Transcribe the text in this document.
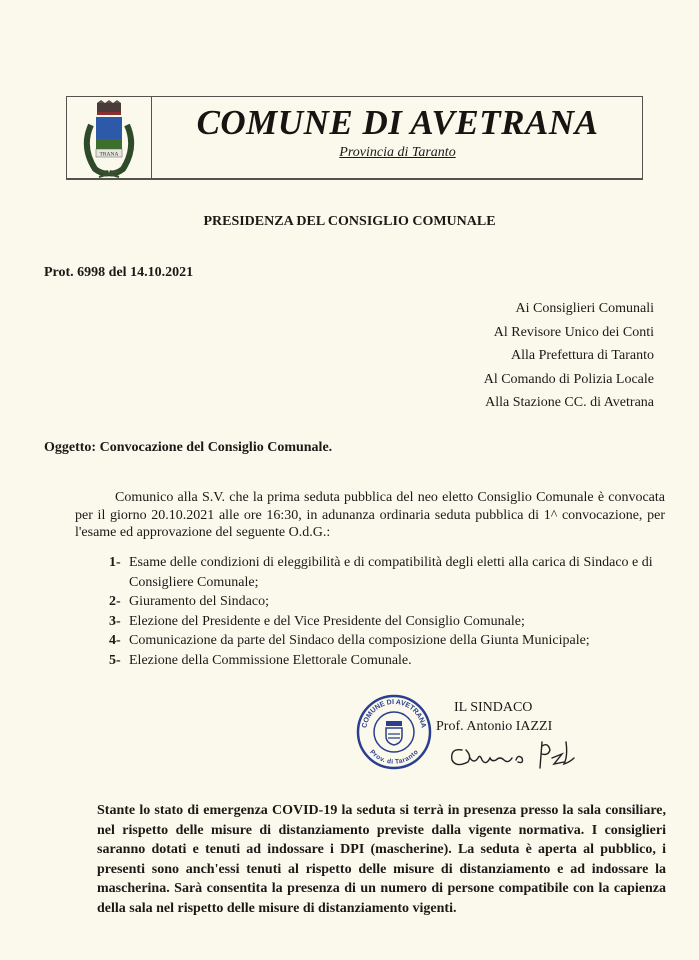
TRANA
COMUNE DI AVETRANA
Provincia di Taranto
PRESIDENZA DEL CONSIGLIO COMUNALE
Prot. 6998 del 14.10.2021
Ai Consiglieri Comunali
Al Revisore Unico dei Conti
Alla Prefettura di Taranto
Al Comando di Polizia Locale
Alla Stazione CC. di Avetrana
Oggetto: Convocazione del Consiglio Comunale.
Comunico alla S.V. che la prima seduta pubblica del neo eletto Consiglio Comunale è convocata per il giorno 20.10.2021 alle ore 16:30, in adunanza ordinaria seduta pubblica di 1^ convocazione, per l'esame ed approvazione del seguente O.d.G.:
1- Esame delle condizioni di eleggibilità e di compatibilità degli eletti alla carica di Sindaco e di Consigliere Comunale;
2- Giuramento del Sindaco;
3- Elezione del Presidente e del Vice Presidente del Consiglio Comunale;
4- Comunicazione da parte del Sindaco della composizione della Giunta Municipale;
5- Elezione della Commissione Elettorale Comunale.
COMUNE DI AVETRANA
Prov. di Taranto
IL SINDACO
Prof. Antonio IAZZI
Stante lo stato di emergenza COVID-19 la seduta si terrà in presenza presso la sala consiliare, nel rispetto delle misure di distanziamento previste dalla vigente normativa. I consiglieri saranno dotati e tenuti ad indossare i DPI (mascherine). La seduta è aperta al pubblico, i presenti sono anch'essi tenuti al rispetto delle misure di distanziamento e ad indossare la mascherina. Sarà consentita la presenza di un numero di persone compatibile con la capienza della sala nel rispetto delle misure di distanziamento vigenti.
